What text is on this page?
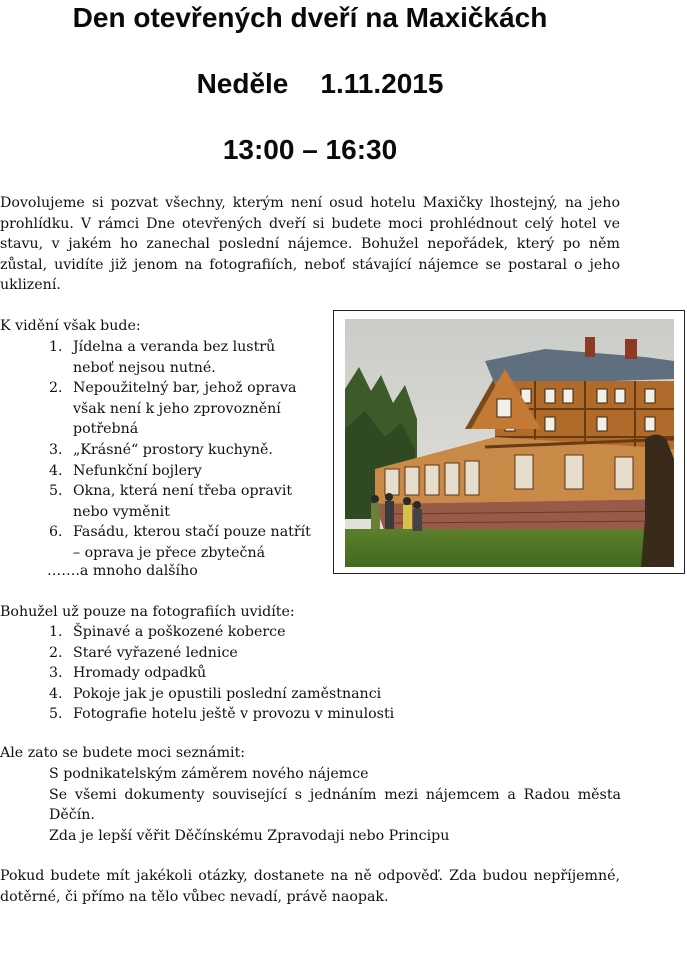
Den otevřených dveří na Maxičkách
Neděle 1.11.2015
13:00 – 16:30

Dovolujeme si pozvat všechny, kterým není osud hotelu Maxičky lhostejný, na jeho prohlídku. V rámci Dne otevřených dveří si budete moci prohlédnout celý hotel ve stavu, v jakém ho zanechal poslední nájemce. Bohužel nepořádek, který po něm zůstal, uvidíte již jenom na fotografiích, neboť stávající nájemce se postaral o jeho uklizení.

K vidění však bude:
1. Jídelna a veranda bez lustrů neboť nejsou nutné.
2. Nepoužitelný bar, jehož oprava však není k jeho zprovoznění potřebná
3. „Krásné“ prostory kuchyně.
4. Nefunkční bojlery
5. Okna, která není třeba opravit nebo vyměnit
6. Fasádu, kterou stačí pouze natřít – oprava je přece zbytečná
…….a mnoho dalšího
Bohužel už pouze na fotografiích uvidíte:
1. Špinavé a poškozené koberce
2. Staré vyřazené lednice
3. Hromady odpadků
4. Pokoje jak je opustili poslední zaměstnanci
5. Fotografie hotelu ještě v provozu v minulosti
Ale zato se budete moci seznámit:
S podnikatelským záměrem nového nájemce
Se všemi dokumenty související s jednáním mezi nájemcem a Radou města Děčín.
Zda je lepší věřit Děčínskému Zpravodaji nebo Principu

Pokud budete mít jakékoli otázky, dostanete na ně odpověď. Zda budou nepříjemné, dotěrné, či přímo na tělo vůbec nevadí, právě naopak.
